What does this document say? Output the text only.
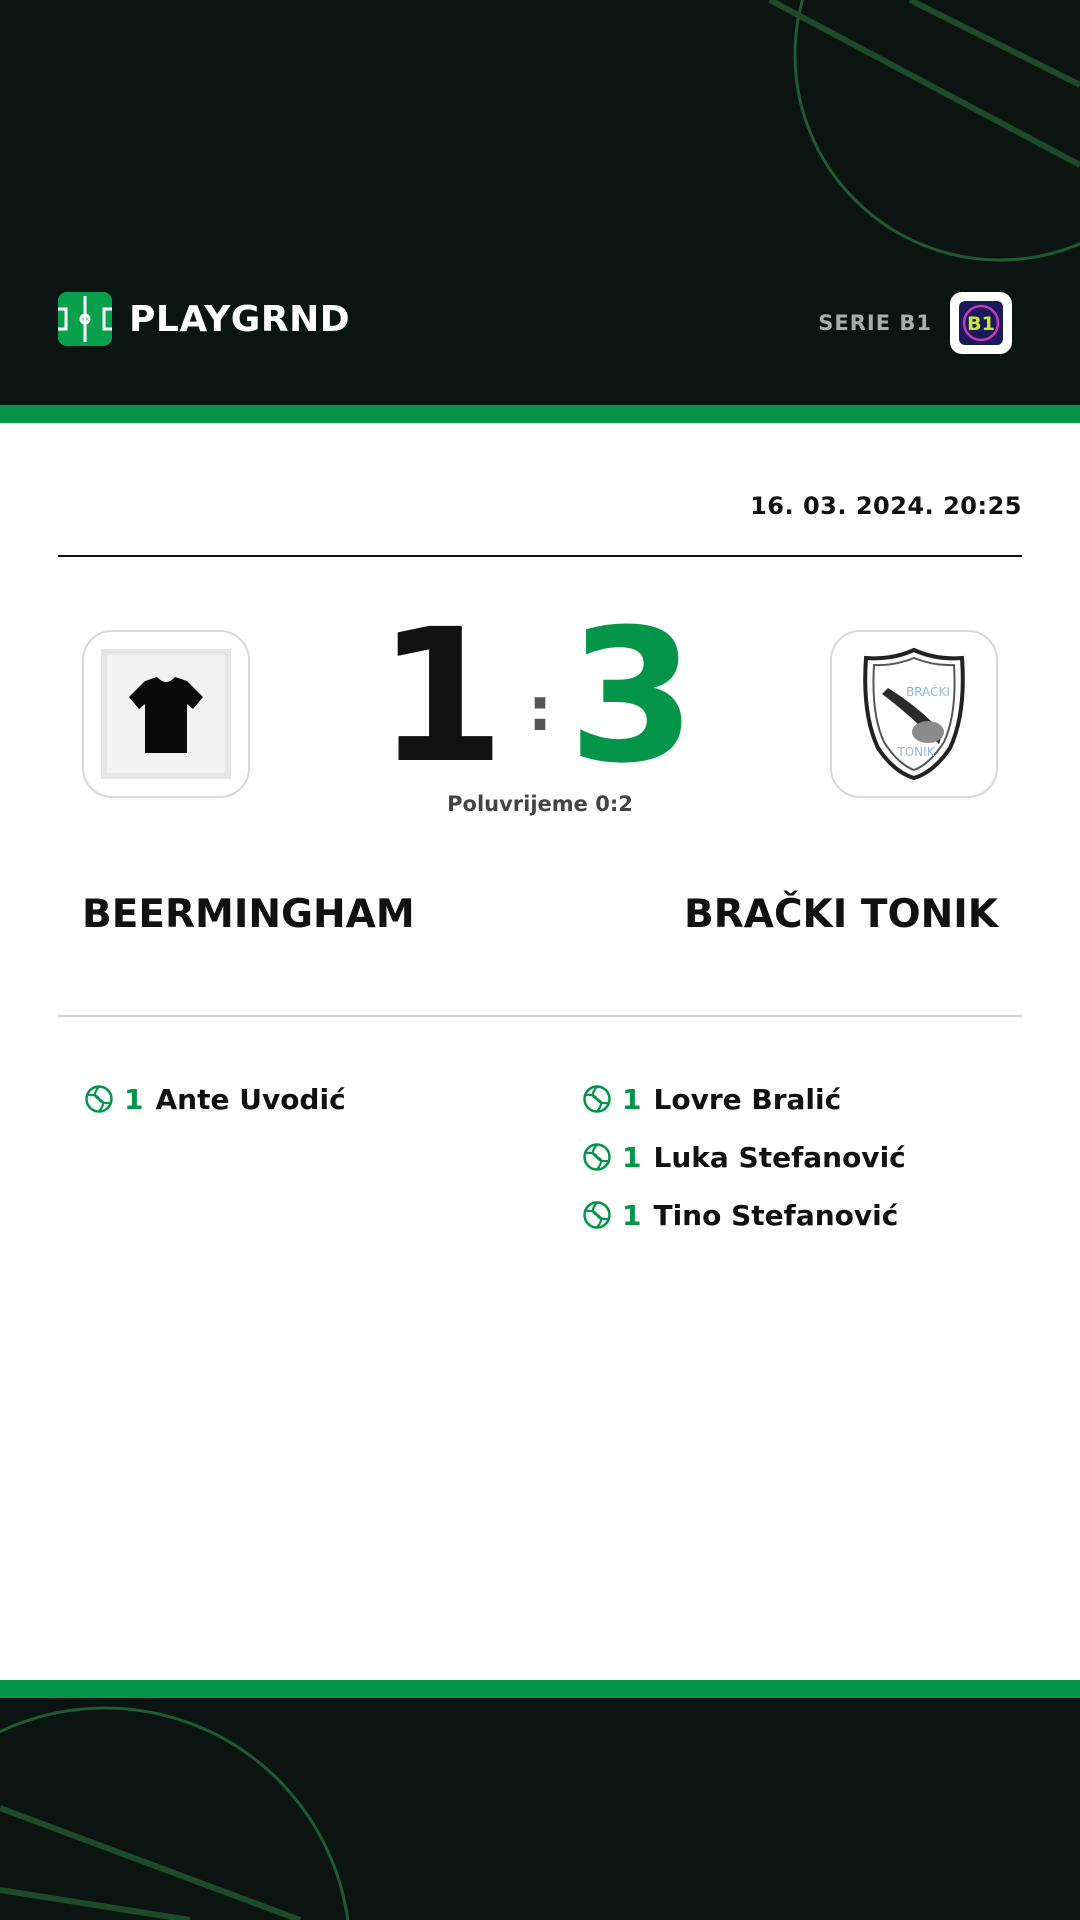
PLAYGRND	SERIE B1 B1
16. 03. 2024. 20:25
1 : 3
Poluvrijeme 0:2
BRAČKI
TONIK
BEERMINGHAM	BRAČKI TONIK
1 Ante Uvodić	1 Lovre Bralić
1 Luka Stefanović
1 Tino Stefanović
